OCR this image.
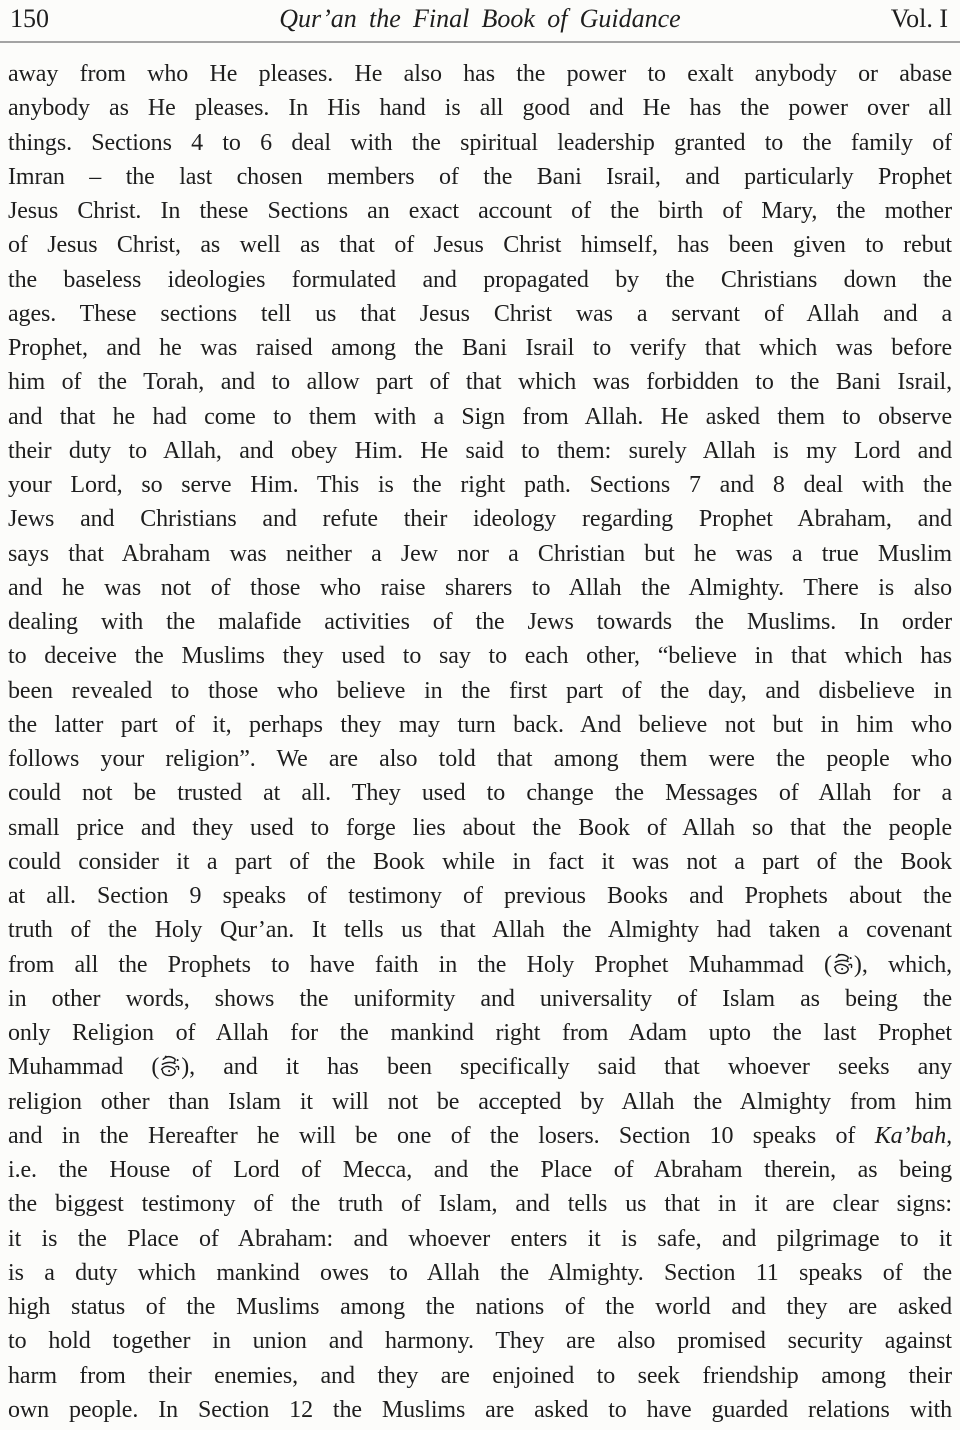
150	Qur’an the Final Book of Guidance	Vol. I
away from who He pleases. He also has the power to exalt anybody or abase
anybody as He pleases. In His hand is all good and He has the power over all
things. Sections 4 to 6 deal with the spiritual leadership granted to the family of
Imran – the last chosen members of the Bani Israil, and particularly Prophet
Jesus Christ. In these Sections an exact account of the birth of Mary, the mother
of Jesus Christ, as well as that of Jesus Christ himself, has been given to rebut
the baseless ideologies formulated and propagated by the Christians down the
ages. These sections tell us that Jesus Christ was a servant of Allah and a
Prophet, and he was raised among the Bani Israil to verify that which was before
him of the Torah, and to allow part of that which was forbidden to the Bani Israil,
and that he had come to them with a Sign from Allah. He asked them to observe
their duty to Allah, and obey Him. He said to them: surely Allah is my Lord and
your Lord, so serve Him. This is the right path. Sections 7 and 8 deal with the
Jews and Christians and refute their ideology regarding Prophet Abraham, and
says that Abraham was neither a Jew nor a Christian but he was a true Muslim
and he was not of those who raise sharers to Allah the Almighty. There is also
dealing with the malafide activities of the Jews towards the Muslims. In order
to deceive the Muslims they used to say to each other, “believe in that which has
been revealed to those who believe in the first part of the day, and disbelieve in
the latter part of it, perhaps they may turn back. And believe not but in him who
follows your religion”. We are also told that among them were the people who
could not be trusted at all. They used to change the Messages of Allah for a
small price and they used to forge lies about the Book of Allah so that the people
could consider it a part of the Book while in fact it was not a part of the Book
at all. Section 9 speaks of testimony of previous Books and Prophets about the
truth of the Holy Qur’an. It tells us that Allah the Almighty had taken a covenant
from all the Prophets to have faith in the Holy Prophet Muhammad ( ), which,
in other words, shows the uniformity and universality of Islam as being the
only Religion of Allah for the mankind right from Adam upto the last Prophet
Muhammad ( ), and it has been specifically said that whoever seeks any
religion other than Islam it will not be accepted by Allah the Almighty from him
and in the Hereafter he will be one of the losers. Section 10 speaks of Ka’bah,
i.e. the House of Lord of Mecca, and the Place of Abraham therein, as being
the biggest testimony of the truth of Islam, and tells us that in it are clear signs:
it is the Place of Abraham: and whoever enters it is safe, and pilgrimage to it
is a duty which mankind owes to Allah the Almighty. Section 11 speaks of the
high status of the Muslims among the nations of the world and they are asked
to hold together in union and harmony. They are also promised security against
harm from their enemies, and they are enjoined to seek friendship among their
own people. In Section 12 the Muslims are asked to have guarded relations with
